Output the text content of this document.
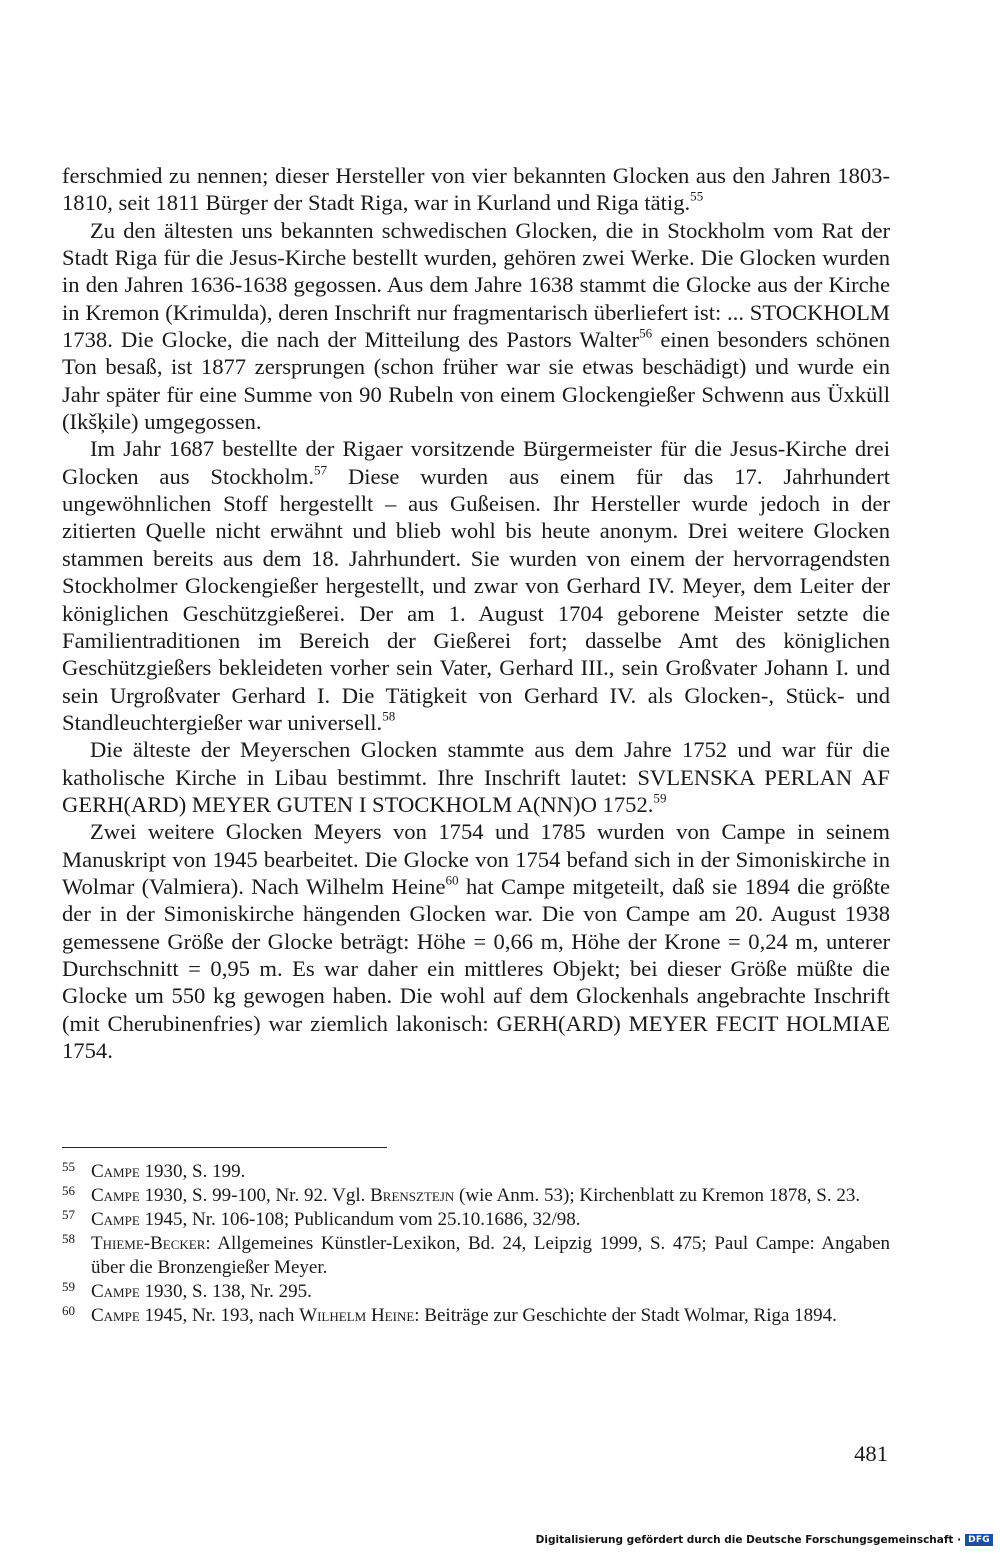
ferschmied zu nennen; dieser Hersteller von vier bekannten Glocken aus den Jahren 1803-1810, seit 1811 Bürger der Stadt Riga, war in Kurland und Riga tätig.$^{55}$

Zu den ältesten uns bekannten schwedischen Glocken, die in Stockholm vom Rat der Stadt Riga für die Jesus-Kirche bestellt wurden, gehören zwei Werke. Die Glocken wurden in den Jahren 1636-1638 gegossen. Aus dem Jahre 1638 stammt die Glocke aus der Kirche in Kremon (Krimulda), deren Inschrift nur fragmentarisch überliefert ist: ... STOCKHOLM 1738. Die Glocke, die nach der Mitteilung des Pastors Walter$^{56}$ einen besonders schönen Ton besaß, ist 1877 zersprungen (schon früher war sie etwas beschädigt) und wurde ein Jahr später für eine Summe von 90 Rubeln von einem Glockengießer Schwenn aus Üxküll (Ikšķile) umgegossen.

Im Jahr 1687 bestellte der Rigaer vorsitzende Bürgermeister für die Jesus-Kirche drei Glocken aus Stockholm.$^{57}$ Diese wurden aus einem für das 17. Jahrhundert ungewöhnlichen Stoff hergestellt – aus Gußeisen. Ihr Hersteller wurde jedoch in der zitierten Quelle nicht erwähnt und blieb wohl bis heute anonym. Drei weitere Glocken stammen bereits aus dem 18. Jahrhundert. Sie wurden von einem der hervorragendsten Stockholmer Glockengießer hergestellt, und zwar von Gerhard IV. Meyer, dem Leiter der königlichen Geschützgießerei. Der am 1. August 1704 geborene Meister setzte die Familientraditionen im Bereich der Gießerei fort; dasselbe Amt des königlichen Geschützgießers bekleideten vorher sein Vater, Gerhard III., sein Großvater Johann I. und sein Urgroßvater Gerhard I. Die Tätigkeit von Gerhard IV. als Glocken-, Stück- und Standleuchtergießer war universell.$^{58}$

Die älteste der Meyerschen Glocken stammte aus dem Jahre 1752 und war für die katholische Kirche in Libau bestimmt. Ihre Inschrift lautet: SVLENSKA PERLAN AF GERH(ARD) MEYER GUTEN I STOCKHOLM A(NN)O 1752.59

Zwei weitere Glocken Meyers von 1754 und 1785 wurden von Campe in seinem Manuskript von 1945 bearbeitet. Die Glocke von 1754 befand sich in der Simoniskirche in Wolmar (Valmiera). Nach Wilhelm Heine$^{60}$ hat Campe mitgeteilt, daß sie 1894 die größte der in der Simoniskirche hängenden Glocken war. Die von Campe am 20. August 1938 gemessene Größe der Glocke beträgt: Höhe = 0,66 m, Höhe der Krone = 0,24 m, unterer Durchschnitt = 0,95 m. Es war daher ein mittleres Objekt; bei dieser Größe müßte die Glocke um 550 kg gewogen haben. Die wohl auf dem Glockenhals angebrachte Inschrift (mit Cherubinenfries) war ziemlich lakonisch: GERH(ARD) MEYER FECIT HOLMIAE 1754.

55 Campe 1930, S. 199.
56 Campe 1930, S. 99-100, Nr. 92. Vgl. Brensztejn (wie Anm. 53); Kirchenblatt zu Kremon 1878, S. 23.
57 Campe 1945, Nr. 106-108; Publicandum vom 25.10.1686, 32/98.
58 Thieme-Becker: Allgemeines Künstler-Lexikon, Bd. 24, Leipzig 1999, S. 475; Paul Campe: Angaben über die Bronzengießer Meyer.
59 Campe 1930, S. 138, Nr. 295.
60 Campe 1945, Nr. 193, nach Wilhelm Heine: Beiträge zur Geschichte der Stadt Wolmar, Riga 1894.
481
Digitalisierung gefördert durch die Deutsche Forschungsgemeinschaft · DFG
